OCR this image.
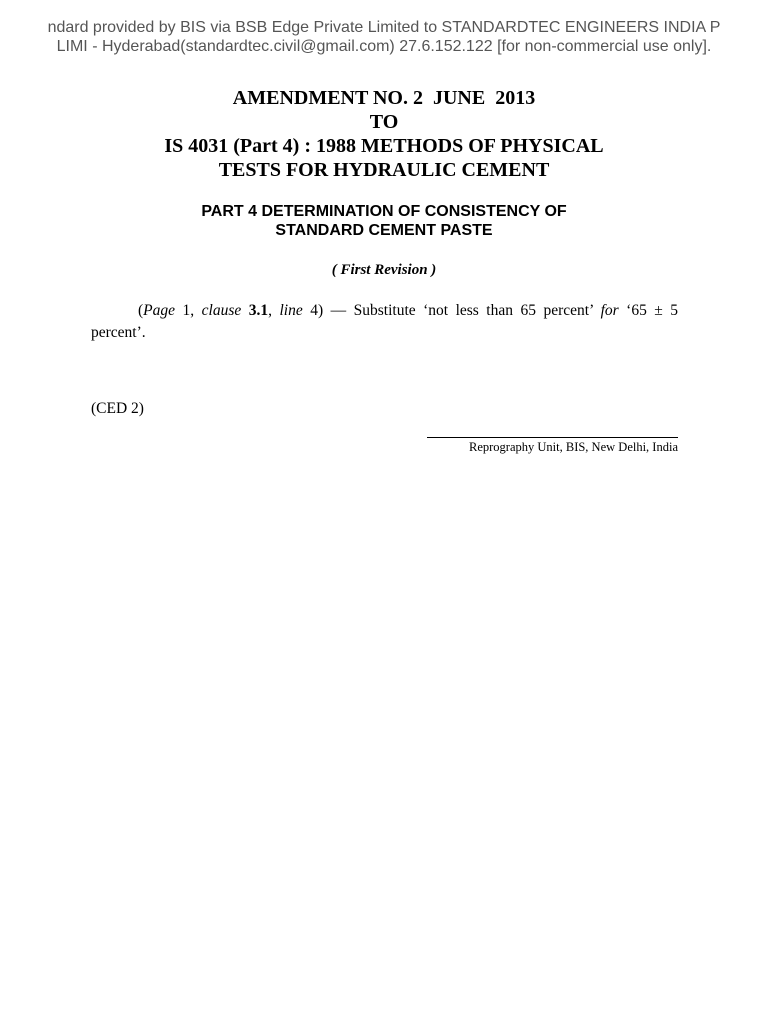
ndard provided by BIS via BSB Edge Private Limited to STANDARDTEC ENGINEERS INDIA P
LIMI - Hyderabad(standardtec.civil@gmail.com) 27.6.152.122 [for non-commercial use only].
AMENDMENT NO. 2  JUNE  2013
TO
IS 4031 (Part 4) : 1988 METHODS OF PHYSICAL
TESTS FOR HYDRAULIC CEMENT
PART 4 DETERMINATION OF CONSISTENCY OF
STANDARD CEMENT PASTE
( First Revision )
(Page 1, clause 3.1, line 4) — Substitute ‘not less than 65 percent’ for ‘65 ± 5 percent’.
(CED 2)
Reprography Unit, BIS, New Delhi, India
